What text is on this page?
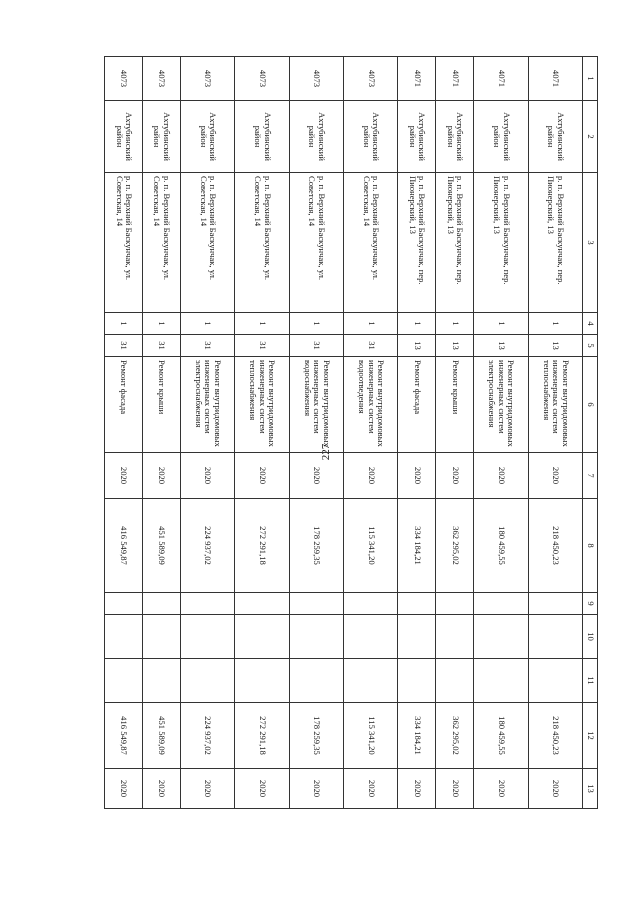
227
1	2	3	4	5	6	7	8	9	10	11	12	13
4071	Ахтубинский район	р. п. Верхний Баскунчак, пер. Пионерский, 13	1	13	Ремонт внутридомовых инженерных систем теплоснабжения	2020	218 450,23				218 450,23	2020
4071	Ахтубинский район	р. п. Верхний Баскунчак, пер. Пионерский, 13	1	13	Ремонт внутридомовых инженерных систем электроснабжения	2020	180 459,55				180 459,55	2020
4071	Ахтубинский район	р. п. Верхний Баскунчак, пер. Пионерский, 13	1	13	Ремонт крыши	2020	362 295,02				362 295,02	2020
4071	Ахтубинский район	р. п. Верхний Баскунчак, пер. Пионерский, 13	1	13	Ремонт фасада	2020	334 184,21				334 184,21	2020
4073	Ахтубинский район	р. п. Верхний Баскунчак, ул. Советская, 14	1	31	Ремонт внутридомовых инженерных систем водоотведения	2020	115 341,20				115 341,20	2020
4073	Ахтубинский район	р. п. Верхний Баскунчак, ул. Советская, 14	1	31	Ремонт внутридомовых инженерных систем водоснабжения	2020	178 259,35				178 259,35	2020
4073	Ахтубинский район	р. п. Верхний Баскунчак, ул. Советская, 14	1	31	Ремонт внутридомовых инженерных систем теплоснабжения	2020	272 291,18				272 291,18	2020
4073	Ахтубинский район	р. п. Верхний Баскунчак, ул. Советская, 14	1	31	Ремонт внутридомовых инженерных систем электроснабжения	2020	224 937,02				224 937,02	2020
4073	Ахтубинский район	р. п. Верхний Баскунчак, ул. Советская, 14	1	31	Ремонт крыши	2020	451 589,09				451 589,09	2020
4073	Ахтубинский район	р. п. Верхний Баскунчак, ул. Советская, 14	1	31	Ремонт фасада	2020	416 549,87				416 549,87	2020
